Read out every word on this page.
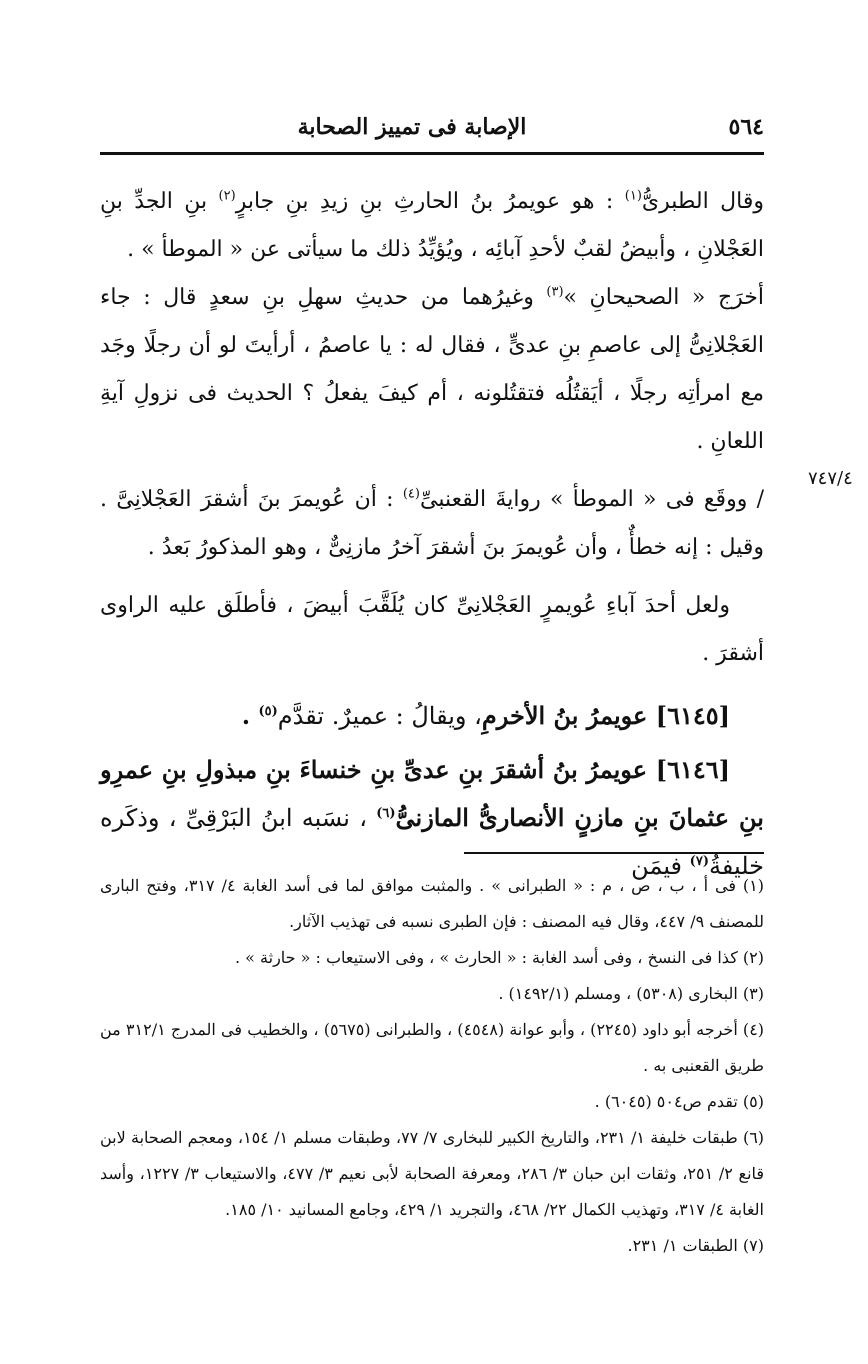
٥٦٤
الإصابة فى تمييز الصحابة
٧٤٧/٤

وقال الطبرىُّ$^{(١)}$ : هو عويمرُ بنُ الحارثِ بنِ زيدِ بنِ جابرٍ$^{(٢)}$ بنِ الجدِّ بنِ العَجْلانِ ، وأبيضُ لقبٌ لأحدِ آبائِه ، ويُؤيِّدُ ذلك ما سيأتى عن « الموطأ » .

أخرَج « الصحيحانِ »$^{(٣)}$ وغيرُهما من حديثِ سهلِ بنِ سعدٍ قال : جاء العَجْلانِىُّ إلى عاصمِ بنِ عدىٍّ ، فقال له : يا عاصمُ ، أرأيتَ لو أن رجلًا وجَد مع امرأتِه رجلًا ، أيَقتُلُه فتقتُلونه ، أم كيفَ يفعلُ ؟ الحديث فى نزولِ آيةِ اللعانِ .

/ ووقَع فى « الموطأ » روايةَ القعنبىِّ$^{(٤)}$ : أن عُويمرَ بنَ أشقرَ العَجْلانِىَّ . وقيل : إنه خطأٌ ، وأن عُويمرَ بنَ أشقرَ آخرُ مازنِىٌّ ، وهو المذكورُ بَعدُ .

ولعل أحدَ آباءِ عُويمرٍ العَجْلانِىِّ كان يُلَقَّبَ أبيضَ ، فأطلَق عليه الراوى أشقرَ .

[٦١٤٥] عويمرُ بنُ الأخرمِ، ويقالُ : عميرٌ. تقدَّم$^{(٥)}$ .

[٦١٤٦] عويمرُ بنُ أشقرَ بنِ عدىِّ بنِ خنساءَ بنِ مبذولِ بنِ عمرِو بنِ عثمانَ بنِ مازنٍ الأنصارىُّ المازنىُّ$^{(٦)}$ ، نسَبه ابنُ البَرْقِىِّ ، وذكَره خليفةُ$^{(٧)}$ فيمَن

(١) فى أ ، ب ، ص ، م : « الطبرانى » . والمثبت موافق لما فى أسد الغابة ٤/ ٣١٧، وفتح البارى للمصنف ٩/ ٤٤٧، وقال فيه المصنف : فإن الطبرى نسبه فى تهذيب الآثار.

(٢) كذا فى النسخ ، وفى أسد الغابة : « الحارث » ، وفى الاستيعاب : « حارثة » .

(٣) البخارى (٥٣٠٨) ، ومسلم (١٤٩٢/١) .

(٤) أخرجه أبو داود (٢٢٤٥) ، وأبو عوانة (٤٥٤٨) ، والطبرانى (٥٦٧٥) ، والخطيب فى المدرج ٣١٢/١ من طريق القعنبى به .

(٥) تقدم ص٥٠٤ (٦٠٤٥) .

(٦) طبقات خليفة ١/ ٢٣١، والتاريخ الكبير للبخارى ٧/ ٧٧، وطبقات مسلم ١/ ١٥٤، ومعجم الصحابة لابن قانع ٢/ ٢٥١، وثقات ابن حبان ٣/ ٢٨٦، ومعرفة الصحابة لأبى نعيم ٣/ ٤٧٧، والاستيعاب ٣/ ١٢٢٧، وأسد الغابة ٤/ ٣١٧، وتهذيب الكمال ٢٢/ ٤٦٨، والتجريد ١/ ٤٢٩، وجامع المسانيد ١٠/ ١٨٥.

(٧) الطبقات ١/ ٢٣١.
